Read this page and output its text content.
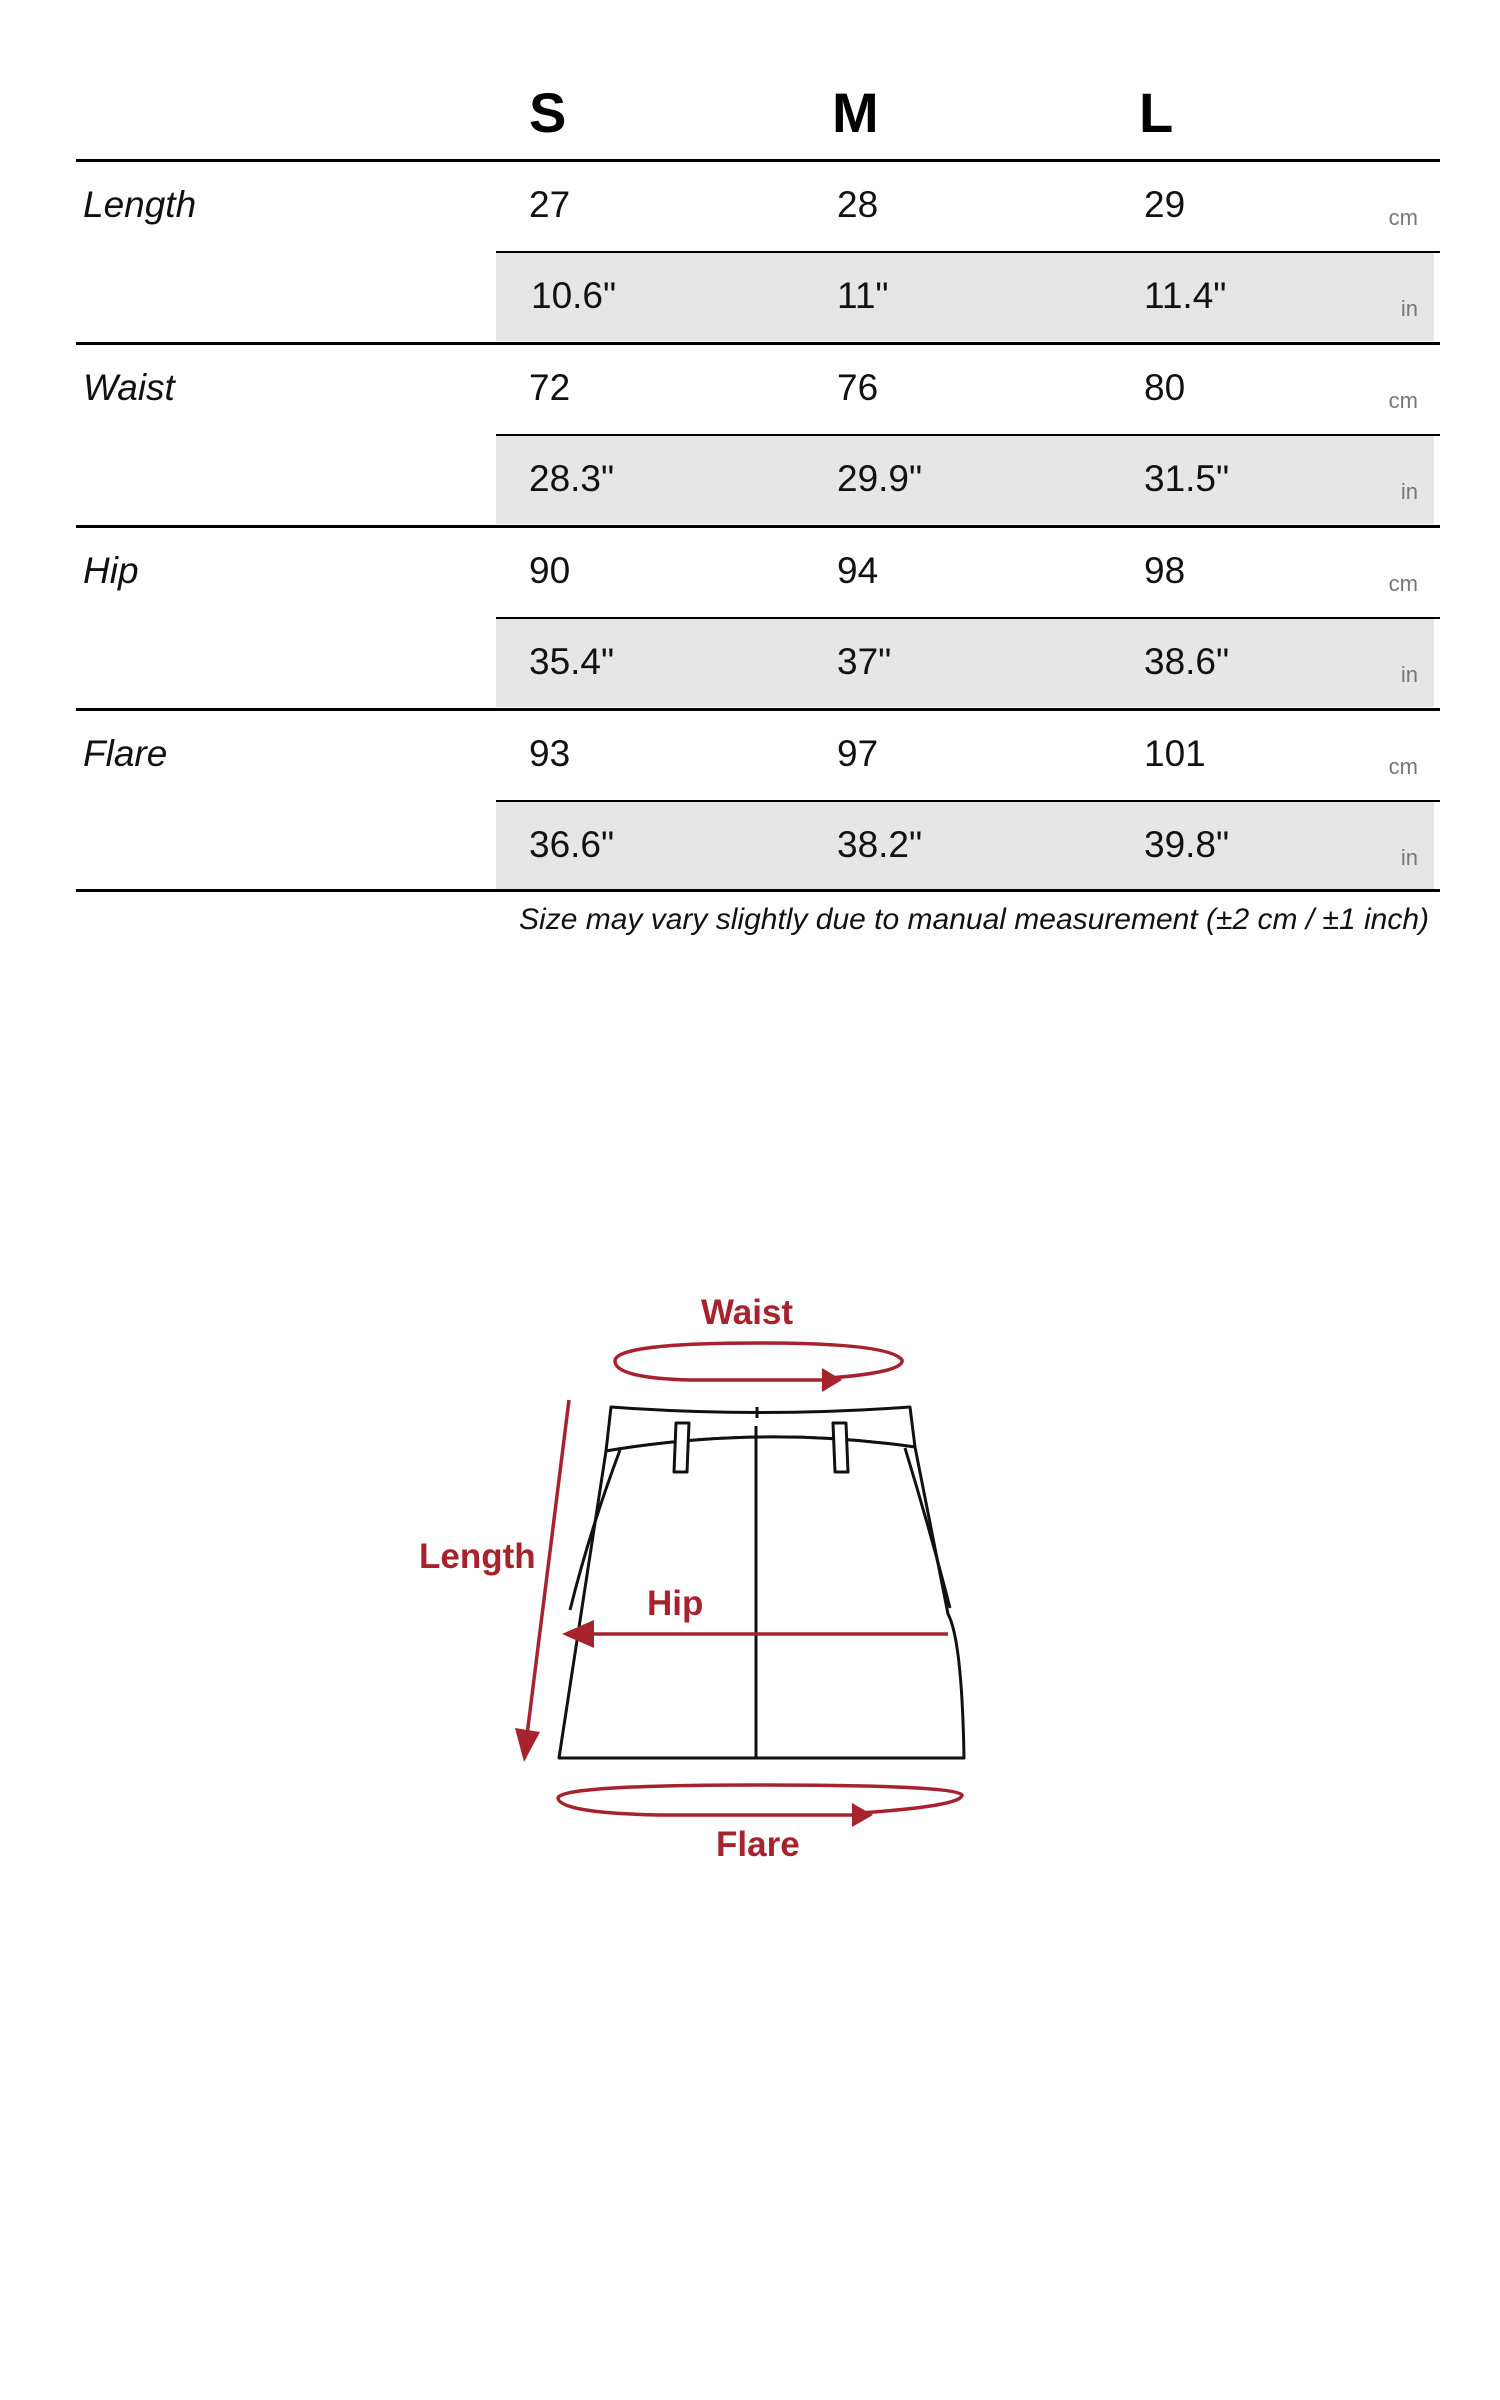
S	M	L
Length	27	28	29	cm
10.6"	11"	11.4"	in
Waist	72	76	80	cm
28.3"	29.9"	31.5"	in
Hip	90	94	98	cm
35.4"	37"	38.6"	in
Flare	93	97	101	cm
36.6"	38.2"	39.8"	in
Size may vary slightly due to manual measurement (±2 cm / ±1 inch)
Waist
Length
Hip
Flare
